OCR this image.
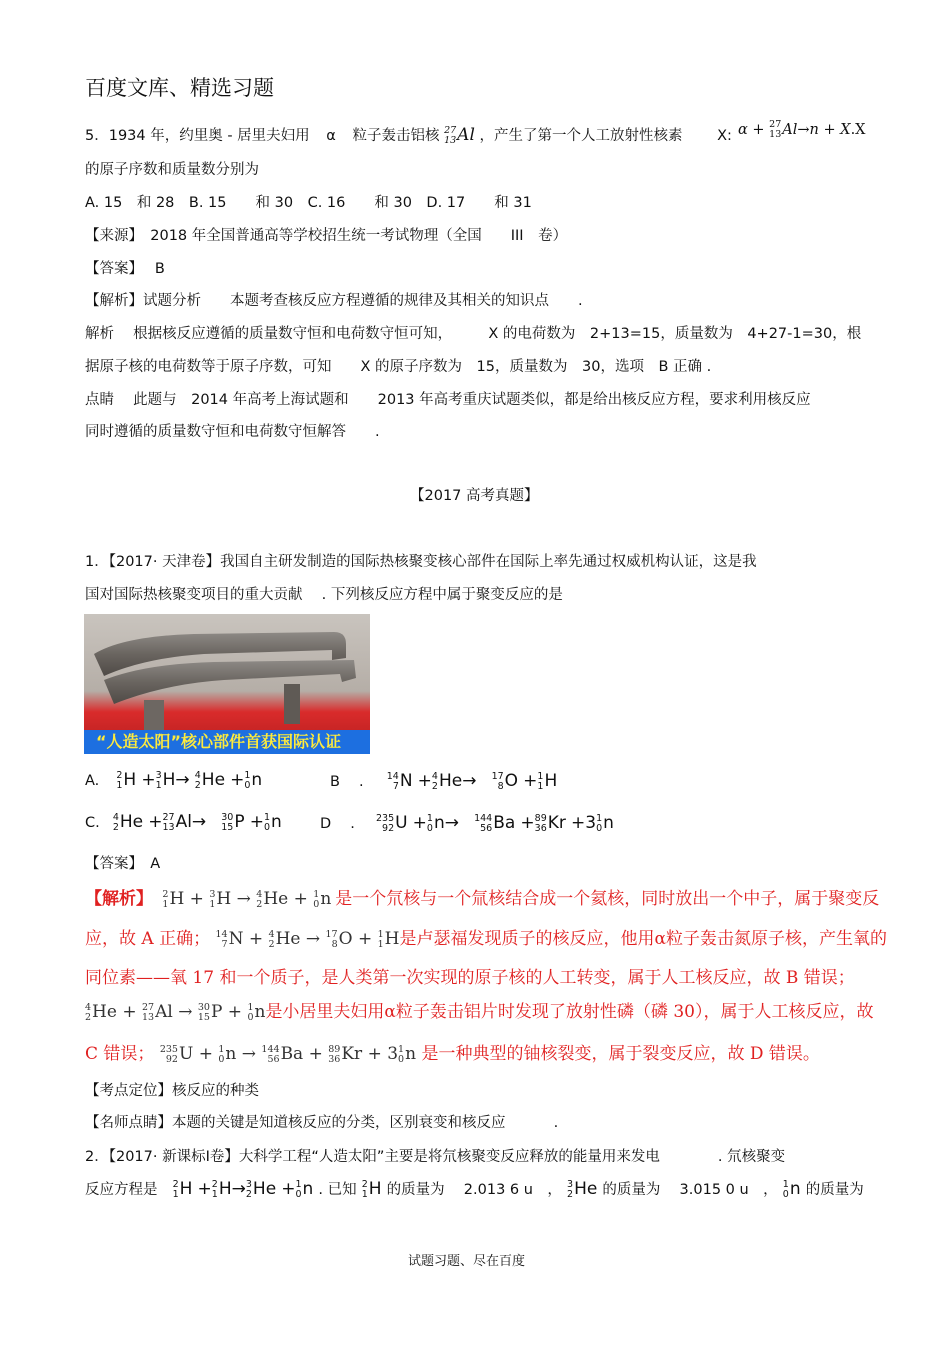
百度文库、精选习题
5．1934 年，约里奥 - 居里夫妇用 α 粒子轰击铝核 27
13 Al ，产生了第一个人工放射性核素 X: α + 27
13 Al→n + X.X
的原子序数和质量数分别为
A. 15　和 28　B. 15　　和 30　C. 16　　和 30　D. 17　　和 31
【来源】　 2018 年全国普通高等学校招生统一考试物理（全国　　III　卷）
【答案】　 B
【解析】试题分析　　本题考查核反应方程遵循的规律及其相关的知识点　　.
解析　 根据核反应遵循的质量数守恒和电荷数守恒可知，　　　X 的电荷数为　2+13=15，质量数为　4+27-1=30，根
据原子核的电荷数等于原子序数，可知　　X 的原子序数为　15，质量数为　30，选项　B 正确 .
点睛　 此题与　2014 年高考上海试题和　　2013 年高考重庆试题类似，都是给出核反应方程，要求利用核反应
同时遵循的质量数守恒和电荷数守恒解答　　.
【2017 高考真题】
1．【2017· 天津卷】我国自主研发制造的国际热核聚变核心部件在国际上率先通过权威机构认证，这是我
国对国际热核聚变项目的重大贡献　 . 下列核反应方程中属于聚变反应的是
“人造太阳”核心部件首获国际认证
A. 2
1 H + 3
1 H→ 4
2 He + 1
0 n	B　 . 14
7 N + 4
2 He→ 17
8 O + 1
1 H
C. 4
2 He + 27
13 Al→ 30
15 P + 1
0 n	D　 . 235
92 U + 1
0 n→ 144
56 Ba + 89
36 Kr +3 1
0 n
【答案】　 A
【解析】 2
1 H + 3
1 H → 4
2 He + 1
0 n 是一个氘核与一个氚核结合成一个氦核，同时放出一个中子，属于聚变反
应，故 A 正确； 14
7 N + 4
2 He → 17
8 O + 1
1 H是卢瑟福发现质子的核反应，他用α粒子轰击氮原子核，产生氧的
同位素——氧 17 和一个质子，是人类第一次实现的原子核的人工转变，属于人工核反应，故 B 错误；
4
2 He + 27
13 Al → 30
15 P + 1
0 n是小居里夫妇用α粒子轰击铝片时发现了放射性磷（磷 30），属于人工核反应，故
C 错误； 235
92 U + 1
0 n → 144
56 Ba + 89
36 Kr + 3 1
0 n 是一种典型的铀核裂变，属于裂变反应，故 D 错误。
【考点定位】核反应的种类
【名师点睛】本题的关键是知道核反应的分类，区别衰变和核反应　　　 .
2．【2017· 新课标Ⅰ卷】大科学工程“人造太阳”主要是将氘核聚变反应释放的能量用来发电　　　　. 氘核聚变
反应方程是 2
1 H + 2
1 H→ 3
2 He + 1
0 n . 已知 2
1 H 的质量为　 2.013 6 u　， 3
2 He 的质量为　 3.015 0 u　， 1
0 n 的质量为
试题习题、尽在百度
